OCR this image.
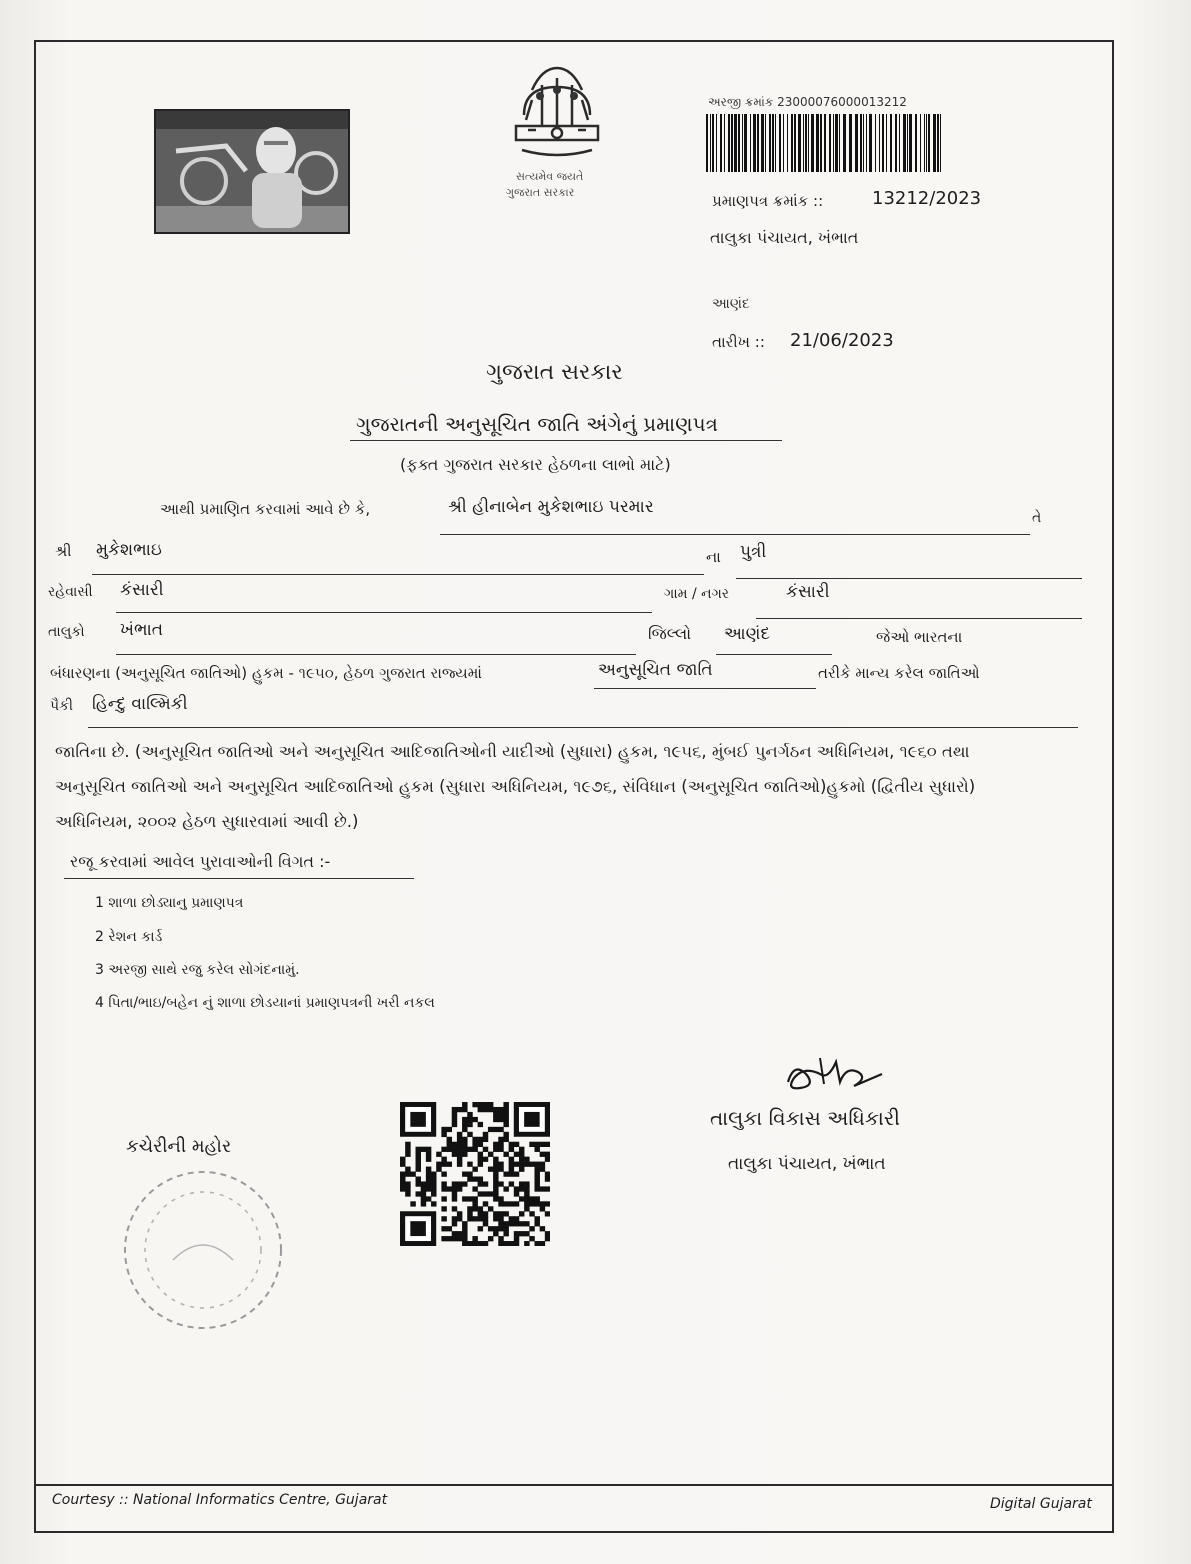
સત્યમેવ જયતે
ગુજરાત સરકાર
અરજી ક્રમાંક 23000076000013212
પ્રમાણપત્ર ક્રમાંક ::	13212/2023
તાલુકા પંચાયત, ખંભાત
આણંદ
તારીખ :: 21/06/2023
ગુજરાત સરકાર
ગુજરાતની અનુસૂચિત જાતિ અંગેનું પ્રમાણપત્ર
(ફક્ત ગુજરાત સરકાર હેઠળના લાભો માટે)
આથી પ્રમાણિત કરવામાં આવે છે કે,	શ્રી હીનાબેન મુકેશભાઇ પરમાર
તે
શ્રી મુકેશભાઇ	ના પુત્રી
રહેવાસી કંસારી	ગામ / નગર	કંસારી
તાલુકો ખંભાત	જિલ્લો આણંદ	જેઓ ભારતના
બંધારણના (અનુસૂચિત જાતિઓ) હુકમ - ૧૯૫૦, હેઠળ ગુજરાત રાજ્યમાં	અનુસૂચિત જાતિ	તરીકે માન્ય કરેલ જાતિઓ
પૈકી હિન્દુ વાલ્મિકી
જાતિના છે. (અનુસૂચિત જાતિઓ અને અનુસૂચિત આદિજાતિઓની યાદીઓ (સુધારા) હુકમ, ૧૯૫૬, મુંબઈ પુનર્ગઠન અધિનિયમ, ૧૯૬૦ તથા
અનુસૂચિત જાતિઓ અને અનુસૂચિત આદિજાતિઓ હુકમ (સુધારા અધિનિયમ, ૧૯૭૬, સંવિધાન (અનુસૂચિત જાતિઓ)હુકમો (દ્વિતીય સુધારો)
અધિનિયમ, ૨૦૦૨ હેઠળ સુધારવામાં આવી છે.)
રજૂ કરવામાં આવેલ પુરાવાઓની વિગત :-
1 શાળા છોડ્યાનુ પ્રમાણપત્ર
2 રેશન કાર્ડ
3 અરજી સાથે રજુ કરેલ સોગંદનામું.
4 પિતા/ભાઇ/બહેન નું શાળા છોડયાનાં પ્રમાણપત્રની ખરી નકલ
કચેરીની મહોર
તાલુકા વિકાસ અધિકારી
તાલુકા પંચાયત, ખંભાત
Courtesy :: National Informatics Centre, Gujarat	Digital Gujarat
